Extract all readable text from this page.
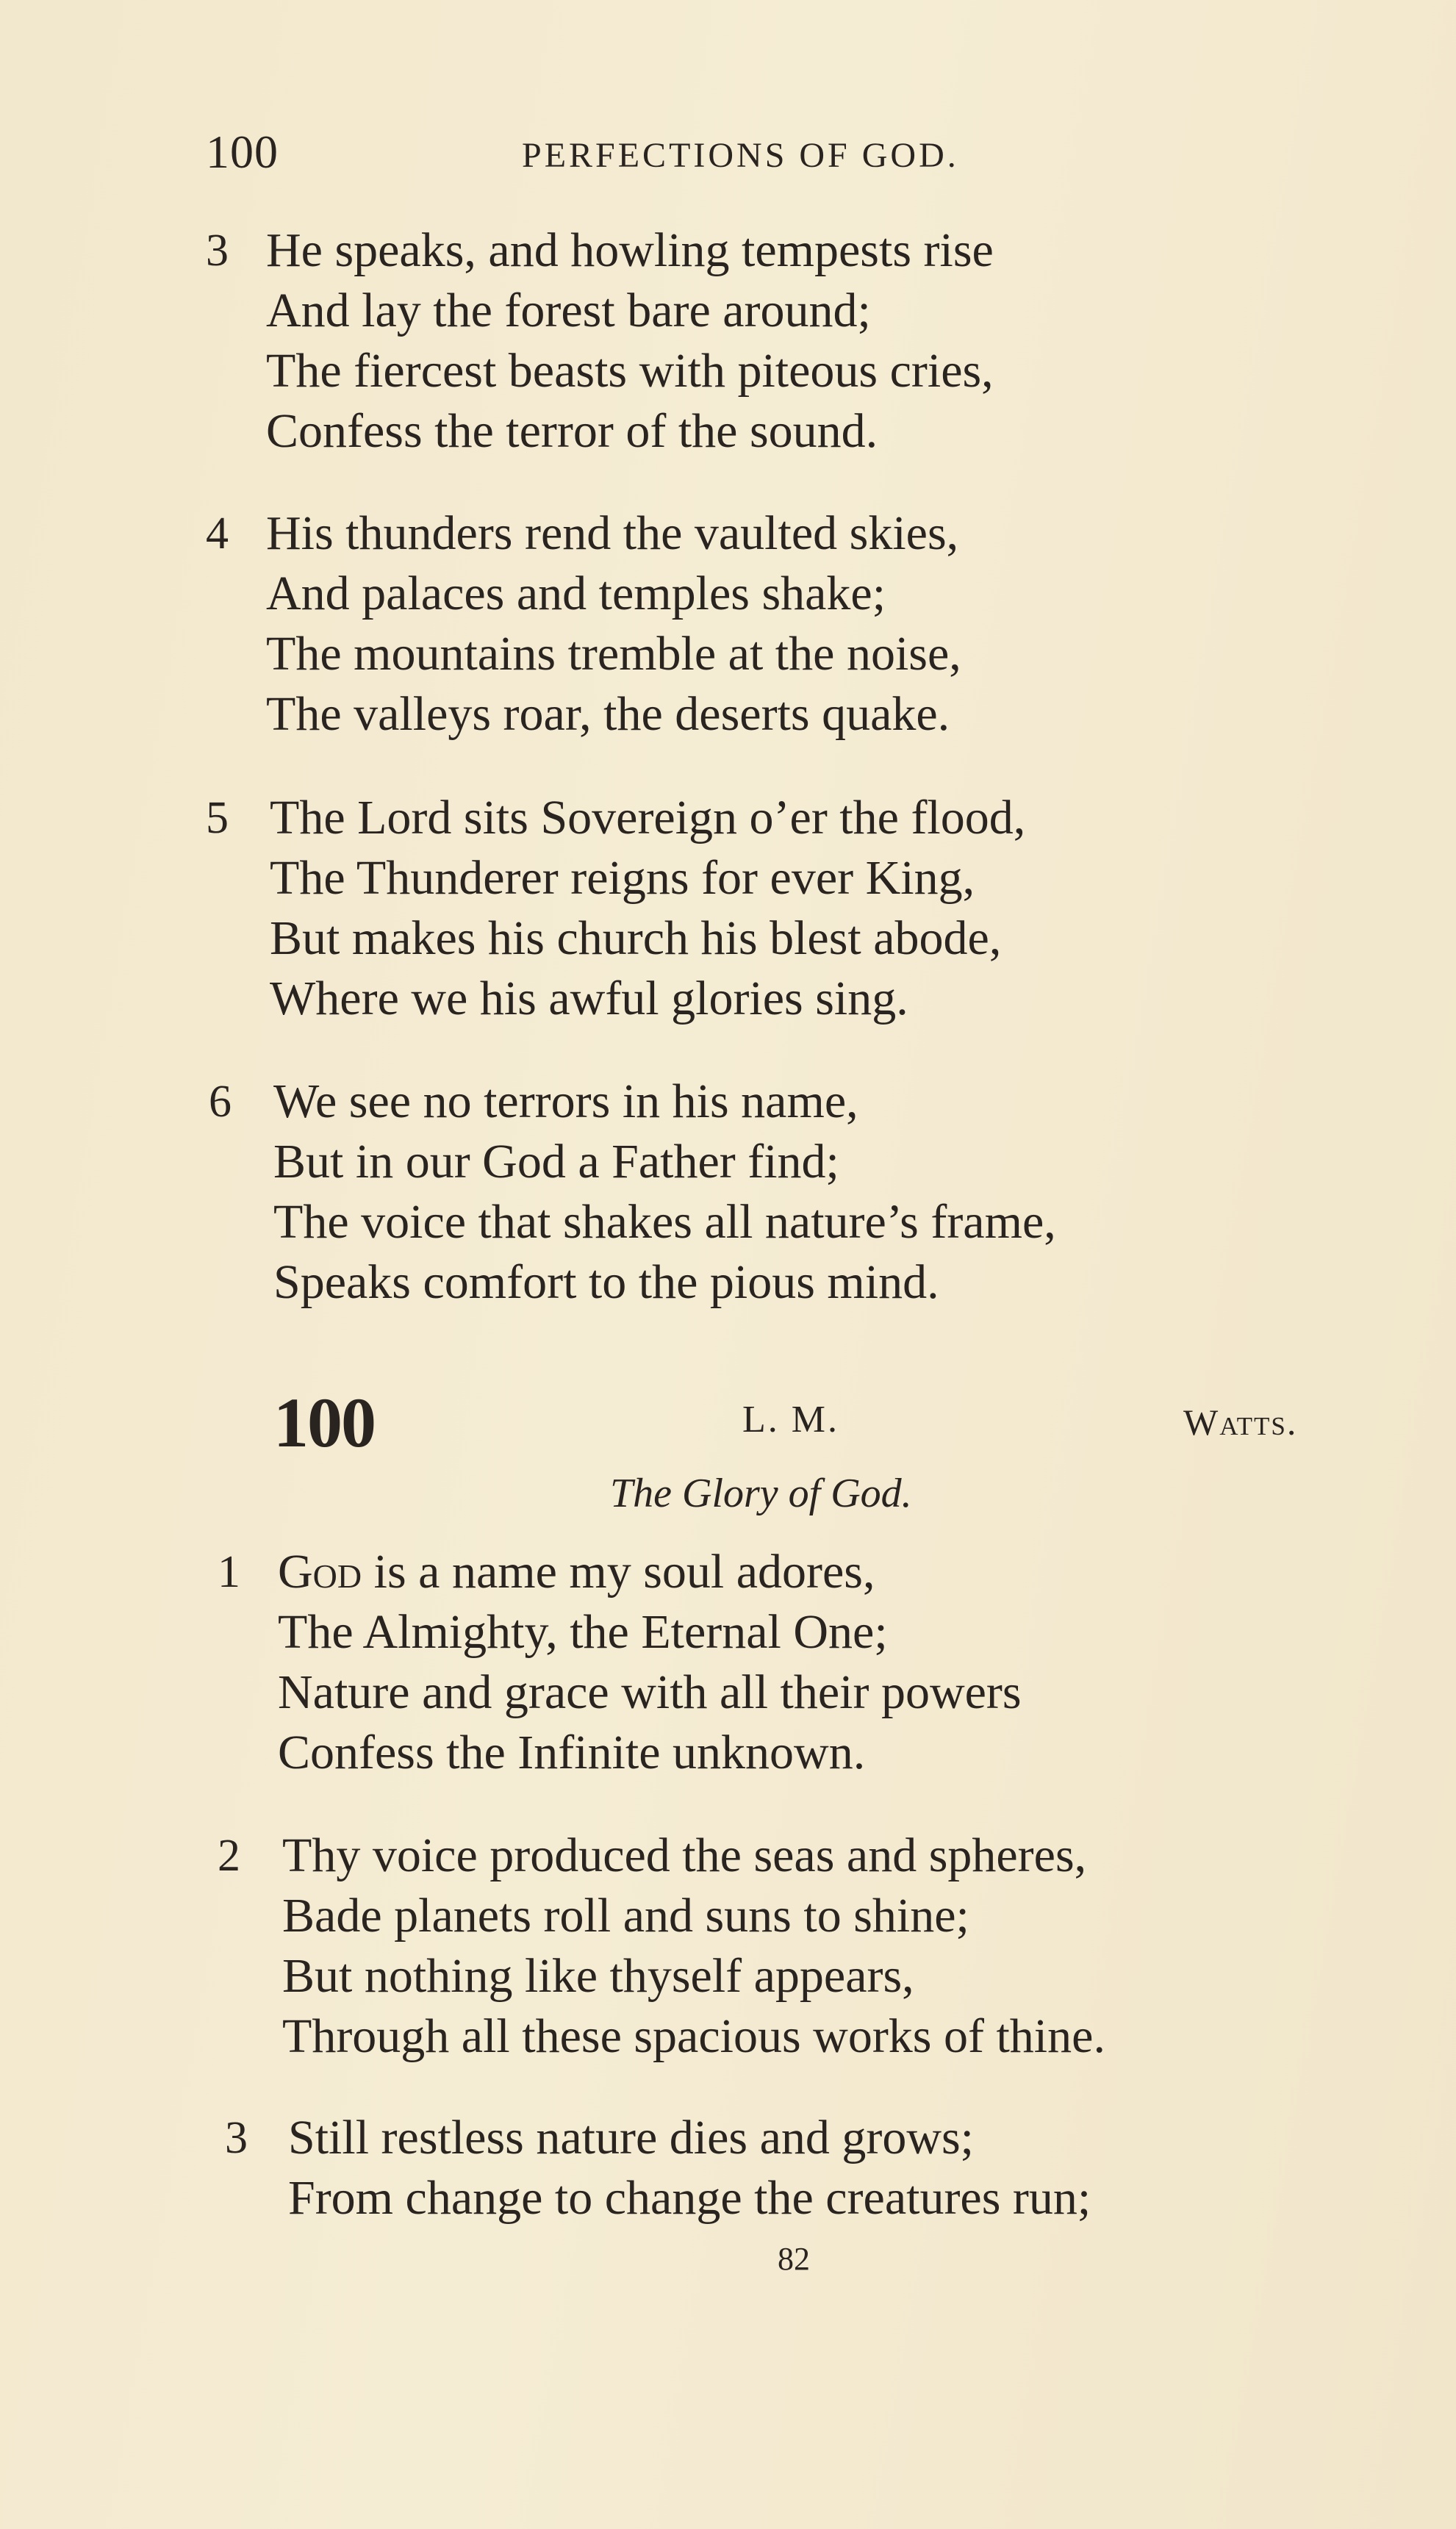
100	PERFECTIONS OF GOD.
3 He speaks, and howling tempests rise
And lay the forest bare around;
The fiercest beasts with piteous cries,
Confess the terror of the sound.
4 His thunders rend the vaulted skies,
And palaces and temples shake;
The mountains tremble at the noise,
The valleys roar, the deserts quake.
5 The Lord sits Sovereign o’er the flood,
The Thunderer reigns for ever King,
But makes his church his blest abode,
Where we his awful glories sing.
6 We see no terrors in his name,
But in our God a Father find;
The voice that shakes all nature’s frame,
Speaks comfort to the pious mind.
100	L. M.	Watts.
The Glory of God.
1 God is a name my soul adores,
The Almighty, the Eternal One;
Nature and grace with all their powers
Confess the Infinite unknown.
2 Thy voice produced the seas and spheres,
Bade planets roll and suns to shine;
But nothing like thyself appears,
Through all these spacious works of thine.
3 Still restless nature dies and grows;
From change to change the creatures run;
82
